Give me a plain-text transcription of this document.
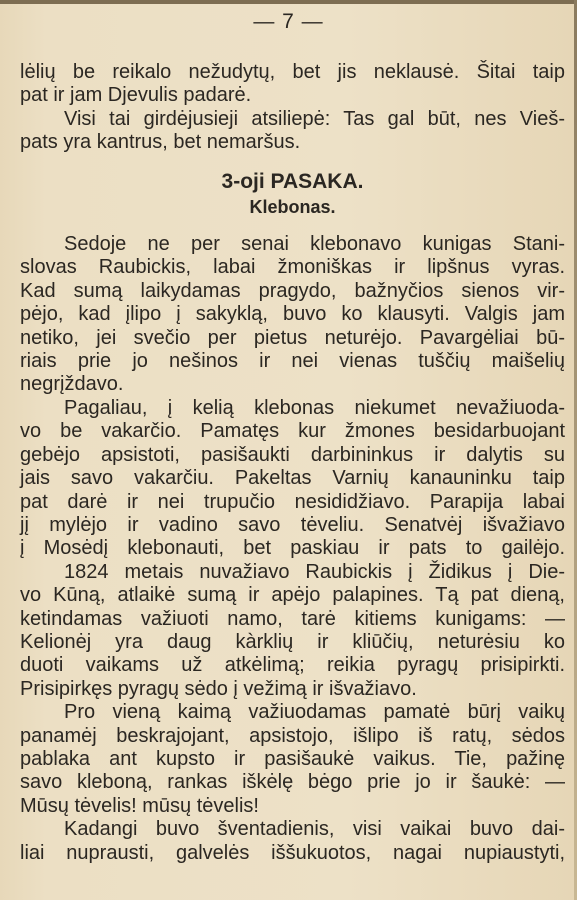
— 7 —
lėlių be reikalo nežudytų, bet jis neklausė. Šitai taip
pat ir jam Djevulis padarė.
Visi tai girdėjusieji atsiliepė: Tas gal būt, nes Vieš-
pats yra kantrus, bet nemaršus.
3-oji PASAKA.
Klebonas.
Sedoje ne per senai klebonavo kunigas Stani-
slovas Raubickis, labai žmoniškas ir lipšnus vyras.
Kad sumą laikydamas pragydo, bažnyčios sienos vir-
pėjo, kad įlipo į sakyklą, buvo ko klausyti. Valgis jam
netiko, jei svečio per pietus neturėjo. Pavargėliai bū-
riais prie jo nešinos ir nei vienas tuščių maišelių
negrįždavo.
Pagaliau, į kelią klebonas niekumet nevažiuoda-
vo be vakarčio. Pamatęs kur žmones besidarbuojant
gebėjo apsistoti, pasišaukti darbininkus ir dalytis su
jais savo vakarčiu. Pakeltas Varnių kanauninku taip
pat darė ir nei trupučio nesididžiavo. Parapija labai
jį mylėjo ir vadino savo tėveliu. Senatvėj išvažiavo
į Mosėdį klebonauti, bet paskiau ir pats to gailėjo.
1824 metais nuvažiavo Raubickis į Židikus į Die-
vo Kūną, atlaikė sumą ir apėjo palapines. Tą pat dieną,
ketindamas važiuoti namo, tarė kitiems kunigams: —
Kelionėj yra daug kàrklių ir kliūčių, neturėsiu ko
duoti vaikams už atkėlimą; reikia pyragų prisipirkti.
Prisipirkęs pyragų sėdo į vežimą ir išvažiavo.
Pro vieną kaimą važiuodamas pamatė būrį vaikų
panamėj beskrajojant, apsistojo, išlipo iš ratų, sėdos
pablaka ant kupsto ir pasišaukė vaikus. Tie, pažinę
savo kleboną, rankas iškėlę bėgo prie jo ir šaukė: —
Mūsų tėvelis! mūsų tėvelis!
Kadangi buvo šventadienis, visi vaikai buvo dai-
liai nuprausti, galvelės iššukuotos, nagai nupiaustyti,
